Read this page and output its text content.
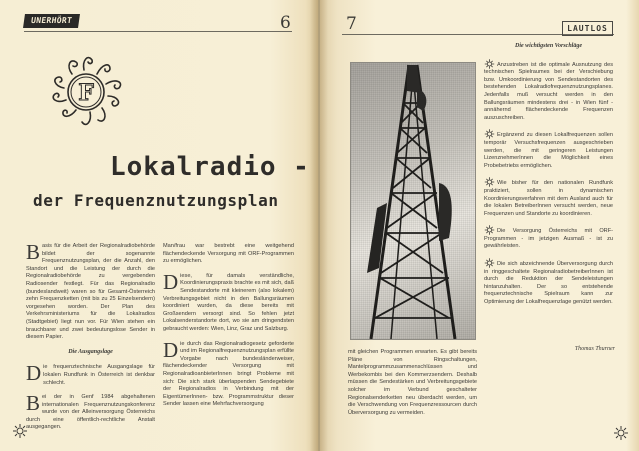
UNERHÖRT	6
F
Lokalradio -
der Frequenznutzungsplan

Basis für die Arbeit der Regionalradiobehörde bildet der sogenannte Frequenznutzungsplan, der die Anzahl, den Standort und die Leistung der durch die Regionalradiobehörde zu vergebenden Radiosender festlegt. Für das Regionalradio (bundeslandweit) waren so für Gesamt-Österreich zehn Frequenzketten (mit bis zu 25 Einzelsendern) vorgesehen worden. Der Plan des Verkehrsministeriums für die Lokalradios (Stadtgebiet) liegt nun vor. Für Wien stehen ein brauchbarer und zwei bedeutungslose Sender in diesem Papier.

Die Ausgangslage

Die frequenztechnische Ausgangslage für lokalen Rundfunk in Österreich ist denkbar schlecht.

Bei der in Genf 1984 abgehaltenen internationalen Frequenznutzungskonferenz wurde von der Alleinversorgung Österreichs durch eine öffentlich-rechtliche Anstalt ausgegangen.

Man/frau war bestrebt eine weitgehend flächendeckende Versorgung mit ORF-Programmen zu ermöglichen.

Diese, für damals verständliche, Koordinierungspraxis brachte es mit sich, daß Sendestandorte mit kleinerem (also lokalem) Verbreitungsgebiet nicht in den Ballungsräumen koordiniert wurden, da diese bereits mit Großsendern versorgt sind. So fehlen jetzt Lokalsenderstandorte dort, wo sie am dringendsten gebraucht werden: Wien, Linz, Graz und Salzburg.

Die durch das Regionalradiogesetz geforderte und im Regionalfrequenznutzungsplan erfüllte Vorgabe nach bundesländerweiser, flächendeckender Versorgung mit RegionalradioanbieterInnen bringt Probleme mit sich: Die sich stark überlappenden Sendegebiete der Regionalradios in Verbindung mit der EigentümerInnen- bzw. Programmstruktur dieser Sender lassen eine Mehrfachversorgung

7	LAUTLOS

mit gleichen Programmen erwarten. Es gibt bereits Pläne von Ringschaltungen, Mantelprogrammzusammenschlüssen und Werbekombis bei den Kommerzsendern. Deshalb müssen die Sendestärken und Verbreitungsgebiete solcher im Verbund geschalteter Regionalsenderketten neu überdacht werden, um die Verschwendung von Frequenzressourcen durch Überversorgung zu vermeiden.

Die wichtigsten Vorschläge

Anzustreben ist die optimale Ausnutzung des technischen Spielraumes bei der Verschiebung bzw. Umkoordinierung von Sendestandorten des bestehenden Lokalradiofrequenznutzungsplanes. Jedenfalls muß versucht werden in den Ballungsräumen mindestens drei - in Wien fünf - annähernd flächendeckende Frequenzen auszuschreiben.

Ergänzend zu diesen Lokalfrequenzen sollen temporär Versuchsfrequenzen ausgeschrieben werden, die mit geringeren Leistungen LizenznehmerInnen die Möglichkeit eines Probebetriebs ermöglichen.

Wie bisher für den nationalen Rundfunk praktiziert, sollen in dynamischen Koordinierungsverfahren mit dem Ausland auch für die lokalen BetreiberInnen versucht werden, neue Frequenzen und Standorte zu koordinieren.

Die Versorgung Österreichs mit ORF-Programmen - im jetzigen Ausmaß - ist zu gewährleisten.

Die sich abzeichnende Überversorgung durch in ringgeschaltete RegionalradiobetreiberInnen ist durch die Reduktion der Sendeleistungen hintanzuhalten. Der so entstehende frequenztechnische Spielraum kann zur Optimierung der Lokalfrequenzlage genützt werden.

Thomas Thurner
